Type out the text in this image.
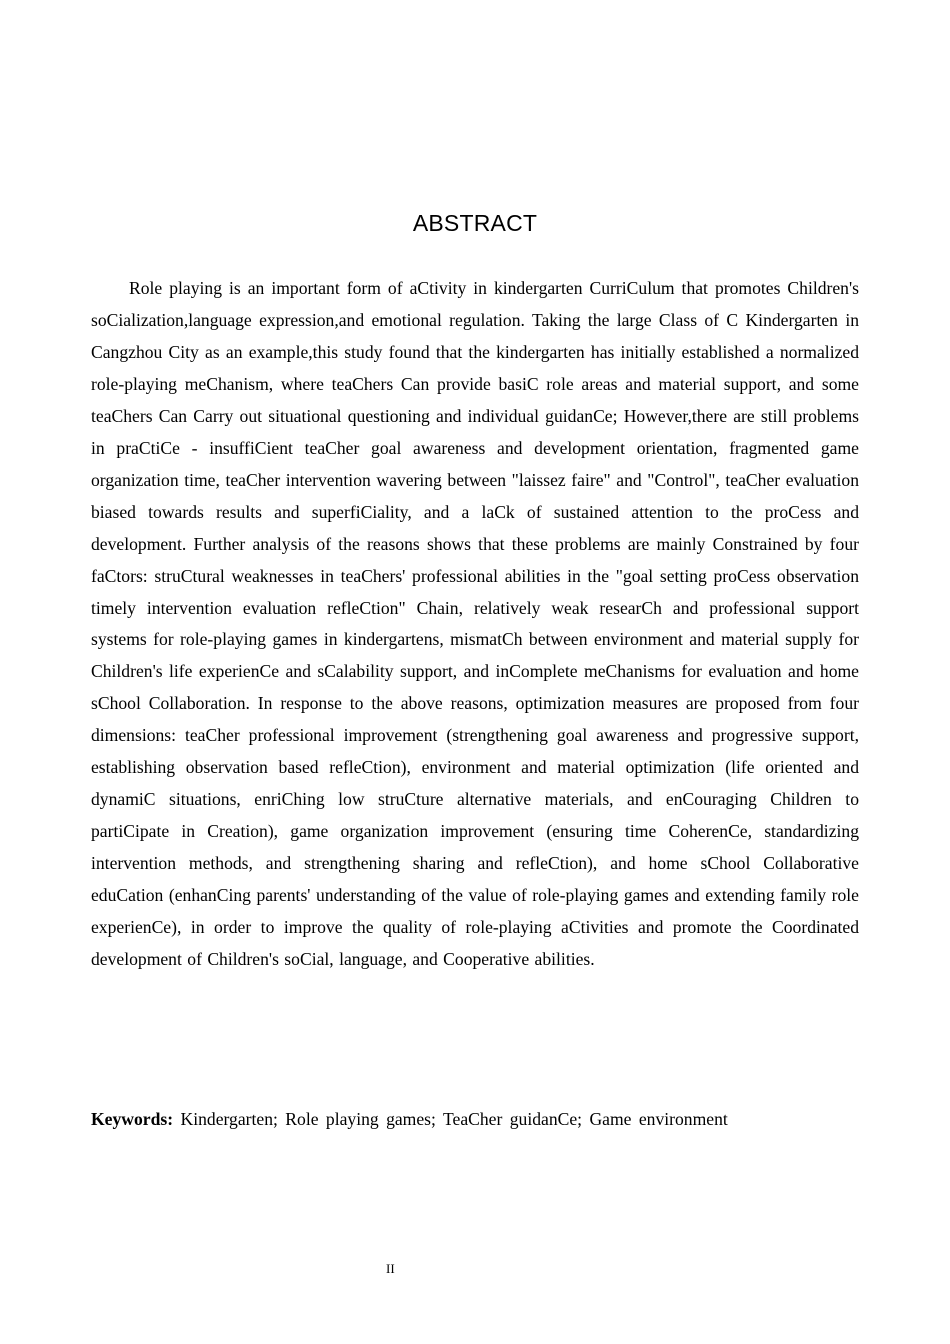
ABSTRACT

Role playing is an important form of aCtivity in kindergarten CurriCulum that promotes Children's soCialization,language expression,and emotional regulation. Taking the large Class of C Kindergarten in Cangzhou City as an example,this study found that the kindergarten has initially established a normalized role-playing meChanism, where teaChers Can provide basiC role areas and material support, and some teaChers Can Carry out situational questioning and individual guidanCe; However,there are still problems in praCtiCe - insuffiCient teaCher goal awareness and development orientation, fragmented game organization time, teaCher intervention wavering between "laissez faire" and "Control", teaCher evaluation biased towards results and superfiCiality, and a laCk of sustained attention to the proCess and development. Further analysis of the reasons shows that these problems are mainly Constrained by four faCtors: struCtural weaknesses in teaChers' professional abilities in the "goal setting proCess observation timely intervention evaluation refleCtion" Chain, relatively weak researCh and professional support systems for role-playing games in kindergartens, mismatCh between environment and material supply for Children's life experienCe and sCalability support, and inComplete meChanisms for evaluation and home sChool Collaboration. In response to the above reasons, optimization measures are proposed from four dimensions: teaCher professional improvement (strengthening goal awareness and progressive support, establishing observation based refleCtion), environment and material optimization (life oriented and dynamiC situations, enriChing low struCture alternative materials, and enCouraging Children to partiCipate in Creation), game organization improvement (ensuring time CoherenCe, standardizing intervention methods, and strengthening sharing and refleCtion), and home sChool Collaborative eduCation (enhanCing parents' understanding of the value of role-playing games and extending family role experienCe), in order to improve the quality of role-playing aCtivities and promote the Coordinated development of Children's soCial, language, and Cooperative abilities.

Keywords: Kindergarten; Role playing games; TeaCher guidanCe; Game environment

II
